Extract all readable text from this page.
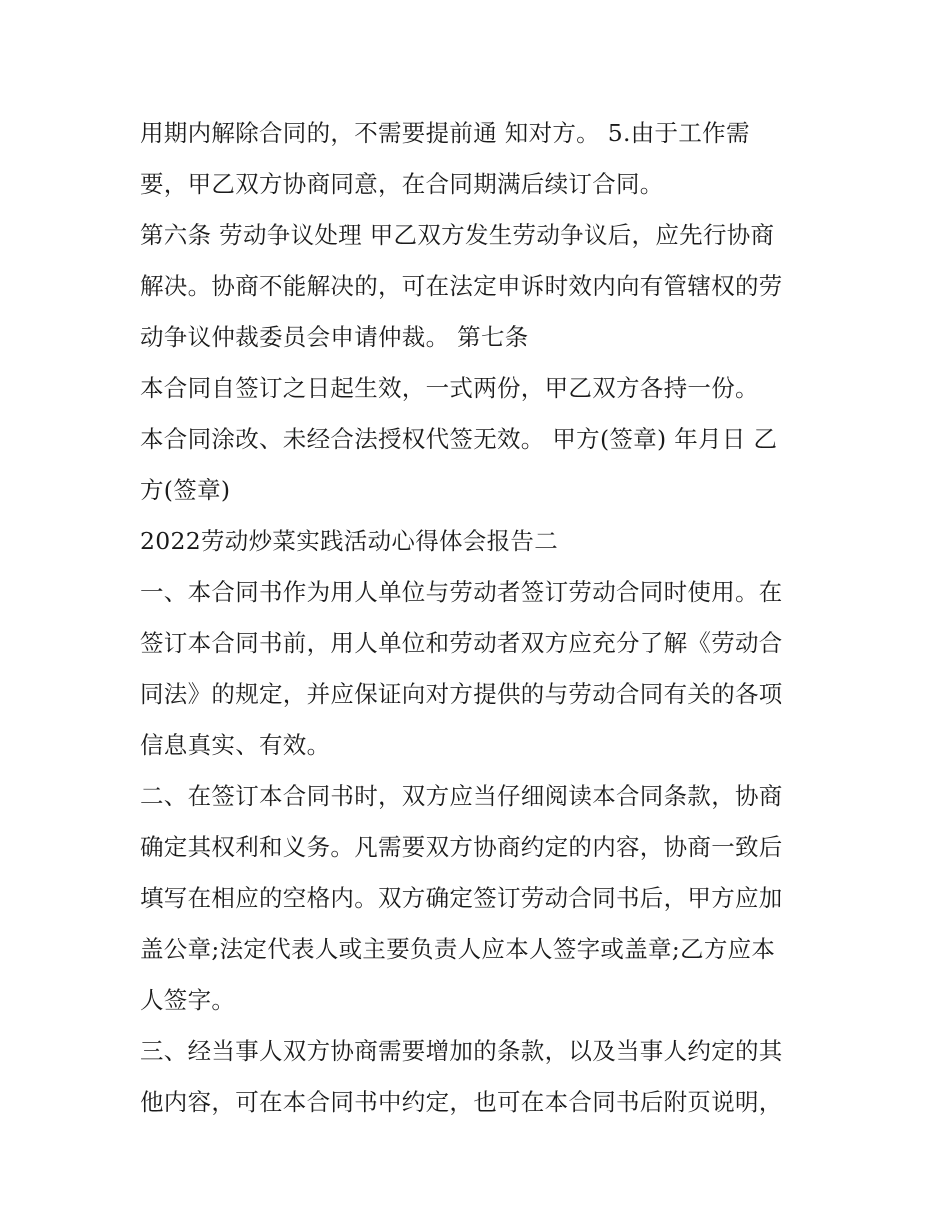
用期内解除合同的，不需要提前通 知对方。 5.由于工作需
要，甲乙双方协商同意，在合同期满后续订合同。
第六条 劳动争议处理 甲乙双方发生劳动争议后，应先行协商
解决。协商不能解决的，可在法定申诉时效内向有管辖权的劳
动争议仲裁委员会申请仲裁。 第七条
本合同自签订之日起生效，一式两份，甲乙双方各持一份。
本合同涂改、未经合法授权代签无效。 甲方(签章) 年月日 乙
方(签章)
2022劳动炒菜实践活动心得体会报告二
一、本合同书作为用人单位与劳动者签订劳动合同时使用。在
签订本合同书前，用人单位和劳动者双方应充分了解《劳动合
同法》的规定，并应保证向对方提供的与劳动合同有关的各项
信息真实、有效。
二、在签订本合同书时，双方应当仔细阅读本合同条款，协商
确定其权利和义务。凡需要双方协商约定的内容，协商一致后
填写在相应的空格内。双方确定签订劳动合同书后，甲方应加
盖公章;法定代表人或主要负责人应本人签字或盖章;乙方应本
人签字。
三、经当事人双方协商需要增加的条款，以及当事人约定的其
他内容，可在本合同书中约定，也可在本合同书后附页说明，
